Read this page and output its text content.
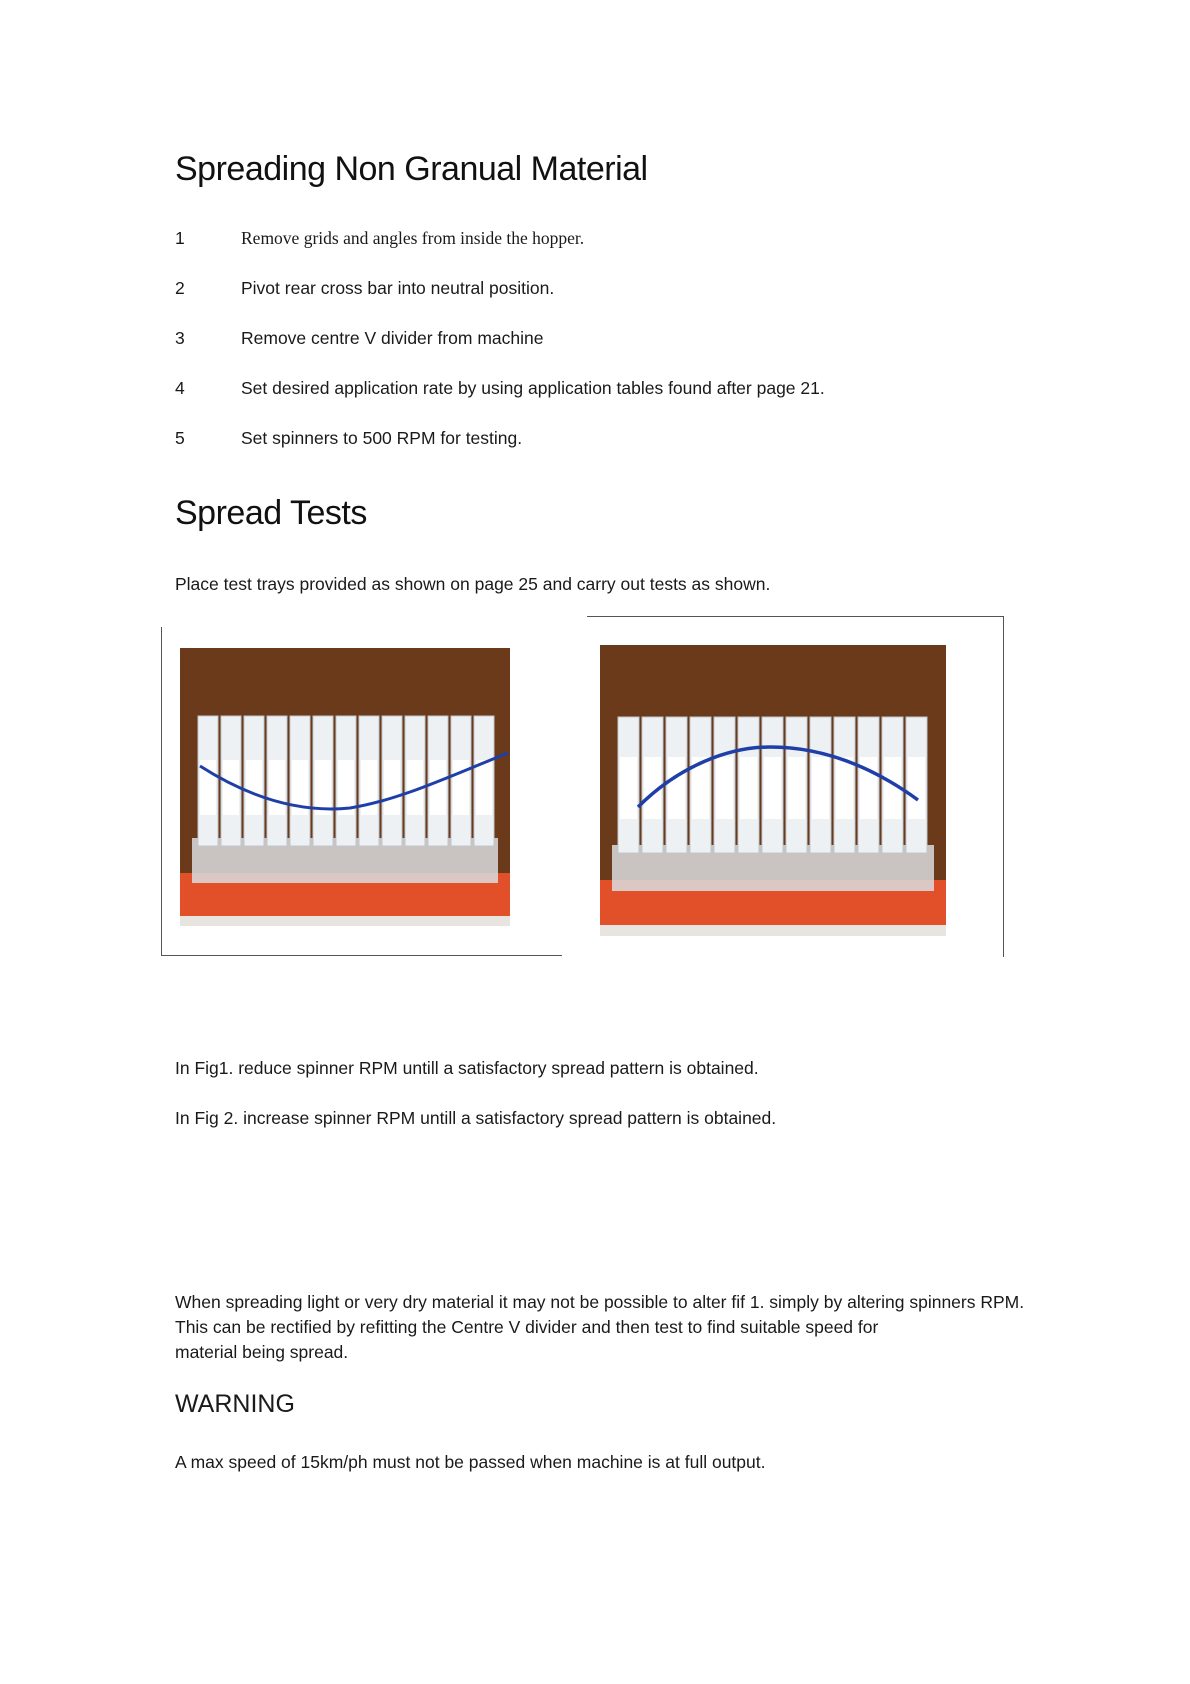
Spreading Non Granual Material
1	Remove grids and angles from inside the hopper.
2	Pivot rear cross bar into neutral position.
3	Remove centre V divider from machine
4	Set desired application rate by using application tables found after page 21.
5	Set spinners to 500 RPM for testing.
Spread Tests

Place test trays provided as shown on page 25 and carry out tests as shown.

In Fig1. reduce spinner RPM untill a satisfactory spread pattern is obtained.

In Fig 2. increase spinner RPM untill a satisfactory spread pattern is obtained.

When spreading light or very dry material it may not be possible to alter fif 1. simply by altering spinners RPM.

This can be rectified by refitting the Centre V divider and then test to find suitable speed for

material being spread.

WARNING

A max speed of 15km/ph must not be passed when machine is at full output.
